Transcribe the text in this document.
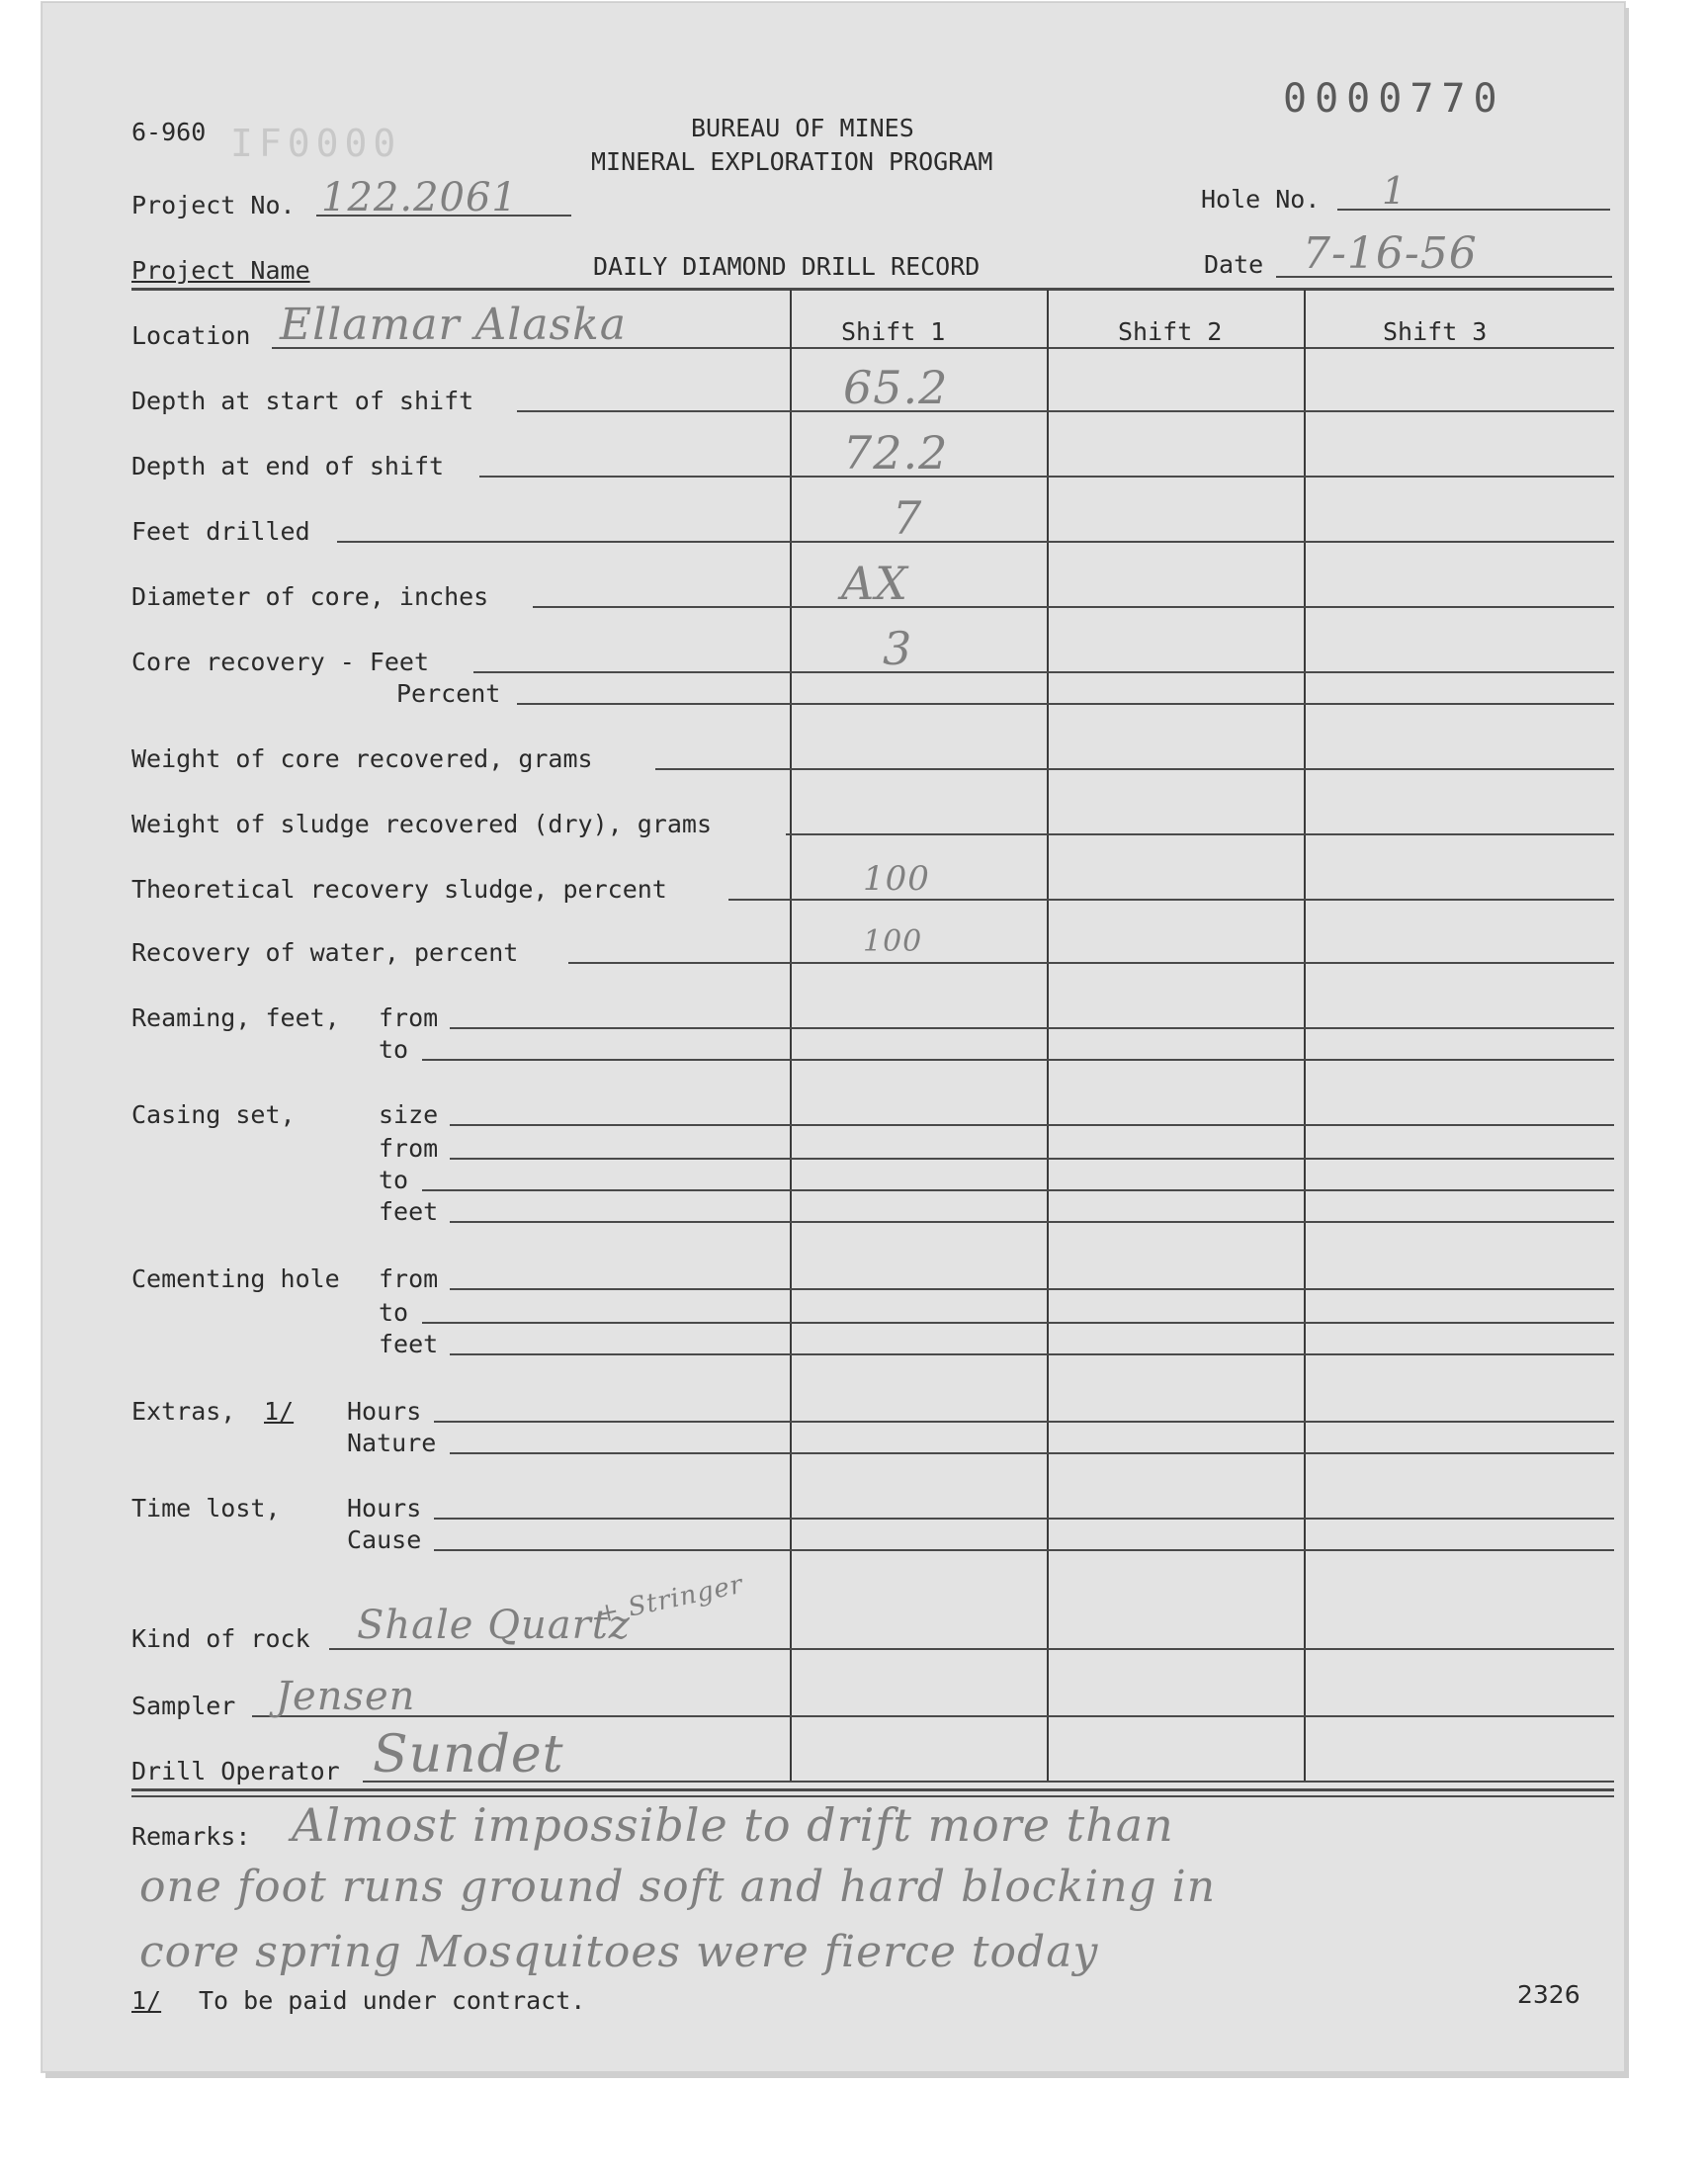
6-960 IF0000
0000770
BUREAU OF MINES
MINERAL EXPLORATION PROGRAM
Project No. 122.2061	Hole No. 1
Project Name	DAILY DIAMOND DRILL RECORD	Date 7-16-56
Location Ellamar Alaska	Shift 1	Shift 2	Shift 3
Depth at start of shift	65.2
Depth at end of shift	72.2
Feet drilled	7
Diameter of core, inches	AX
Core recovery - Feet	3
Percent
Weight of core recovered, grams
Weight of sludge recovered (dry), grams
Theoretical recovery sludge, percent	100
Recovery of water, percent	100
Reaming, feet, from
to
Casing set,	size
from
to
feet
Cementing hole from
to
feet
Extras, 1/ Hours
Nature
Time lost,	Hours
Cause
Kind of rock Shale Quartz
+ Stringer
Sampler Jensen
Drill Operator Sundet
Remarks: Almost impossible to drift more than
one foot runs ground soft and hard blocking in
core spring Mosquitoes were fierce today
1/ To be paid under contract.	2326
